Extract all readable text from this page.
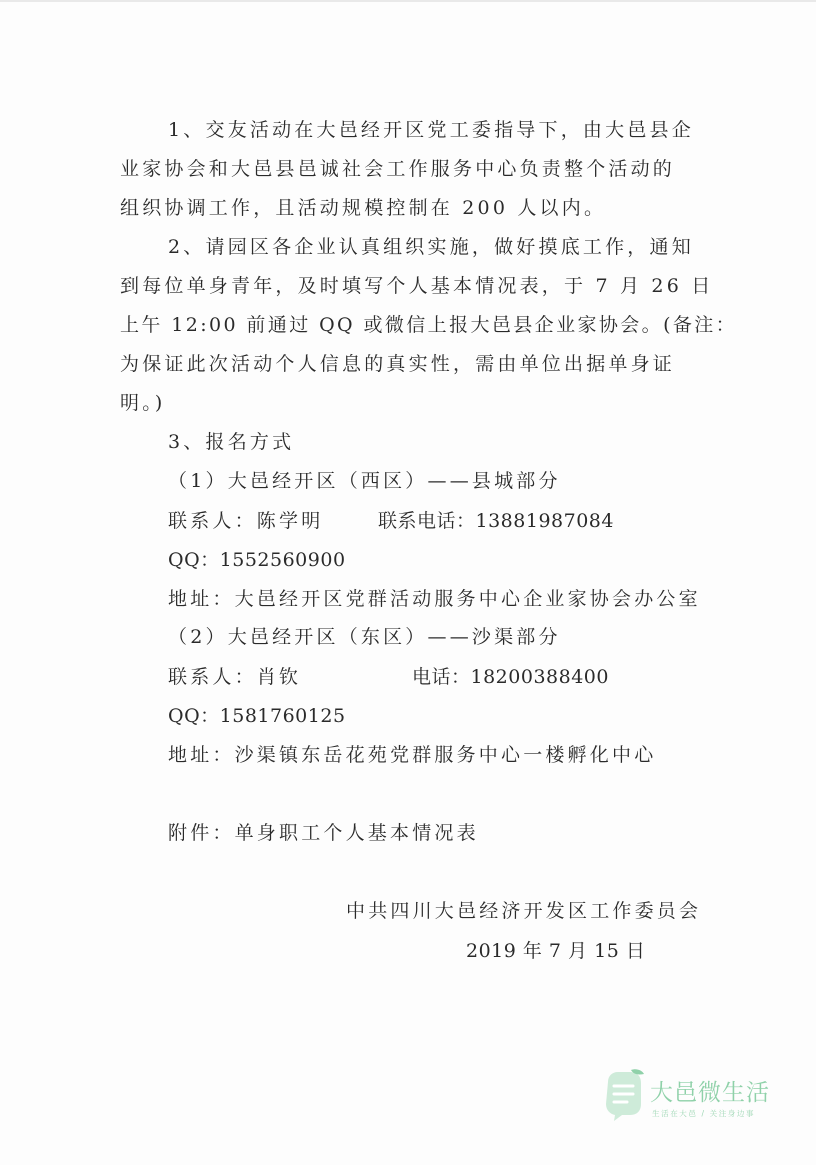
1、交友活动在大邑经开区党工委指导下，由大邑县企
业家协会和大邑县邑诚社会工作服务中心负责整个活动的
组织协调工作，且活动规模控制在 200 人以内。
2、请园区各企业认真组织实施，做好摸底工作，通知
到每位单身青年，及时填写个人基本情况表，于 7 月 26 日
上午 12:00 前通过 QQ 或微信上报大邑县企业家协会。(备注：
为保证此次活动个人信息的真实性，需由单位出据单身证
明。)
3、报名方式
（1）大邑经开区（西区）——县城部分
联系人：陈学明	联系电话：13881987084
QQ：1552560900
地址：大邑经开区党群活动服务中心企业家协会办公室
（2）大邑经开区（东区）——沙渠部分
联系人：肖钦	电话：18200388400
QQ：1581760125
地址：沙渠镇东岳花苑党群服务中心一楼孵化中心
附件：单身职工个人基本情况表
中共四川大邑经济开发区工作委员会
2019 年 7 月 15 日
大邑微生活
生活在大邑 / 关注身边事
